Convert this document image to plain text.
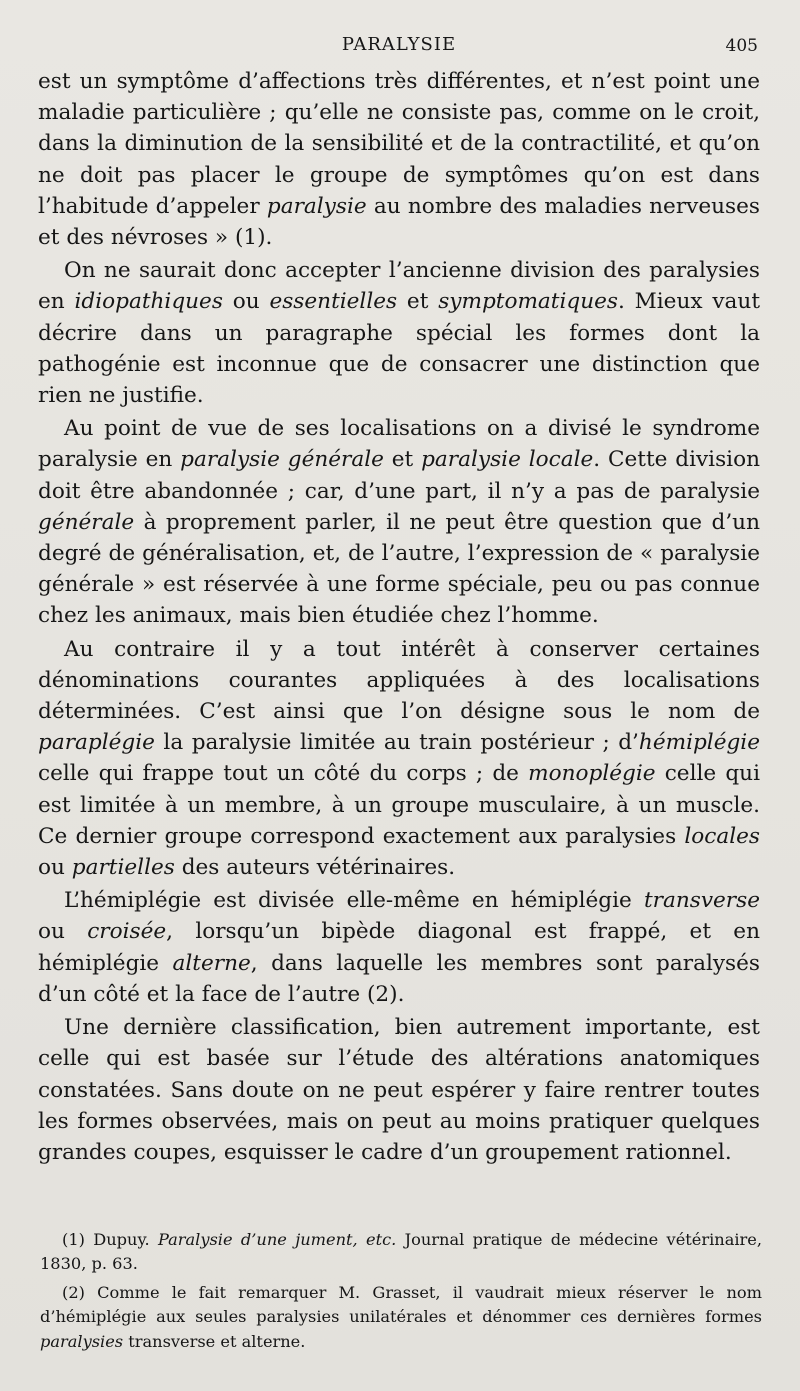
PARALYSIE	405

est un symptôme d’affections très différentes, et n’est point une maladie particulière ; qu’elle ne consiste pas, comme on le croit, dans la diminution de la sensibilité et de la contractilité, et qu’on ne doit pas placer le groupe de symptômes qu’on est dans l’habitude d’appeler paralysie au nombre des maladies nerveuses et des névroses » (1).

On ne saurait donc accepter l’ancienne division des paralysies en idiopathiques ou essentielles et symptomatiques. Mieux vaut décrire dans un paragraphe spécial les formes dont la pathogénie est inconnue que de consacrer une distinction que rien ne justifie.

Au point de vue de ses localisations on a divisé le syndrome paralysie en paralysie générale et paralysie locale. Cette division doit être abandonnée ; car, d’une part, il n’y a pas de paralysie générale à proprement parler, il ne peut être question que d’un degré de généralisation, et, de l’autre, l’expression de « paralysie générale » est réservée à une forme spéciale, peu ou pas connue chez les animaux, mais bien étudiée chez l’homme.

Au contraire il y a tout intérêt à conserver certaines dénominations courantes appliquées à des localisations déterminées. C’est ainsi que l’on désigne sous le nom de paraplégie la paralysie limitée au train postérieur ; d’hémiplégie celle qui frappe tout un côté du corps ; de monoplégie celle qui est limitée à un membre, à un groupe musculaire, à un muscle. Ce dernier groupe correspond exactement aux paralysies locales ou partielles des auteurs vétérinaires.

L’hémiplégie est divisée elle-même en hémiplégie transverse ou croisée, lorsqu’un bipède diagonal est frappé, et en hémiplégie alterne, dans laquelle les membres sont paralysés d’un côté et la face de l’autre (2).

Une dernière classification, bien autrement importante, est celle qui est basée sur l’étude des altérations anatomiques constatées. Sans doute on ne peut espérer y faire rentrer toutes les formes observées, mais on peut au moins pratiquer quelques grandes coupes, esquisser le cadre d’un groupement rationnel.

(1) Dupuy. Paralysie d’une jument, etc. Journal pratique de médecine vétérinaire, 1830, p. 63.

(2) Comme le fait remarquer M. Grasset, il vaudrait mieux réserver le nom d’hémiplégie aux seules paralysies unilatérales et dénommer ces dernières formes paralysies transverse et alterne.
